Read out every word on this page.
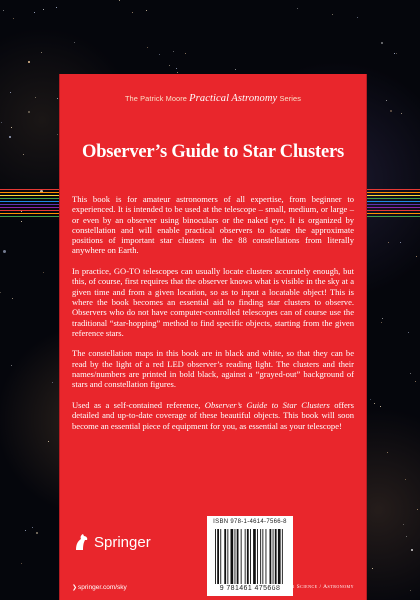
The Patrick Moore Practical Astronomy Series
Observer’s Guide to Star Clusters

This book is for amateur astronomers of all expertise, from beginner to experienced. It is intended to be used at the telescope – small, medium, or large – or even by an observer using binoculars or the naked eye. It is organized by constellation and will enable practical observers to locate the approximate positions of important star clusters in the 88 constellations from literally anywhere on Earth.

In practice, GO-TO telescopes can usually locate clusters accurately enough, but this, of course, first requires that the observer knows what is visible in the sky at a given time and from a given location, so as to input a locatable object! This is where the book becomes an essential aid to finding star clusters to observe. Observers who do not have computer-controlled telescopes can of course use the traditional “star-hopping” method to find specific objects, starting from the given reference stars.

The constellation maps in this book are in black and white, so that they can be read by the light of a red LED observer’s reading light. The clusters and their names/numbers are printed in bold black, against a “grayed-out” background of stars and constellation figures.

Used as a self-contained reference, Observer’s Guide to Star Clusters offers detailed and up-to-date coverage of these beautiful objects. This book will soon become an essential piece of equipment for you, as essential as your telescope!

Springer
❯springer.com/sky
ISBN 978-1-4614-7566-8
9 781461 475668
Popular Science / Astronomy
